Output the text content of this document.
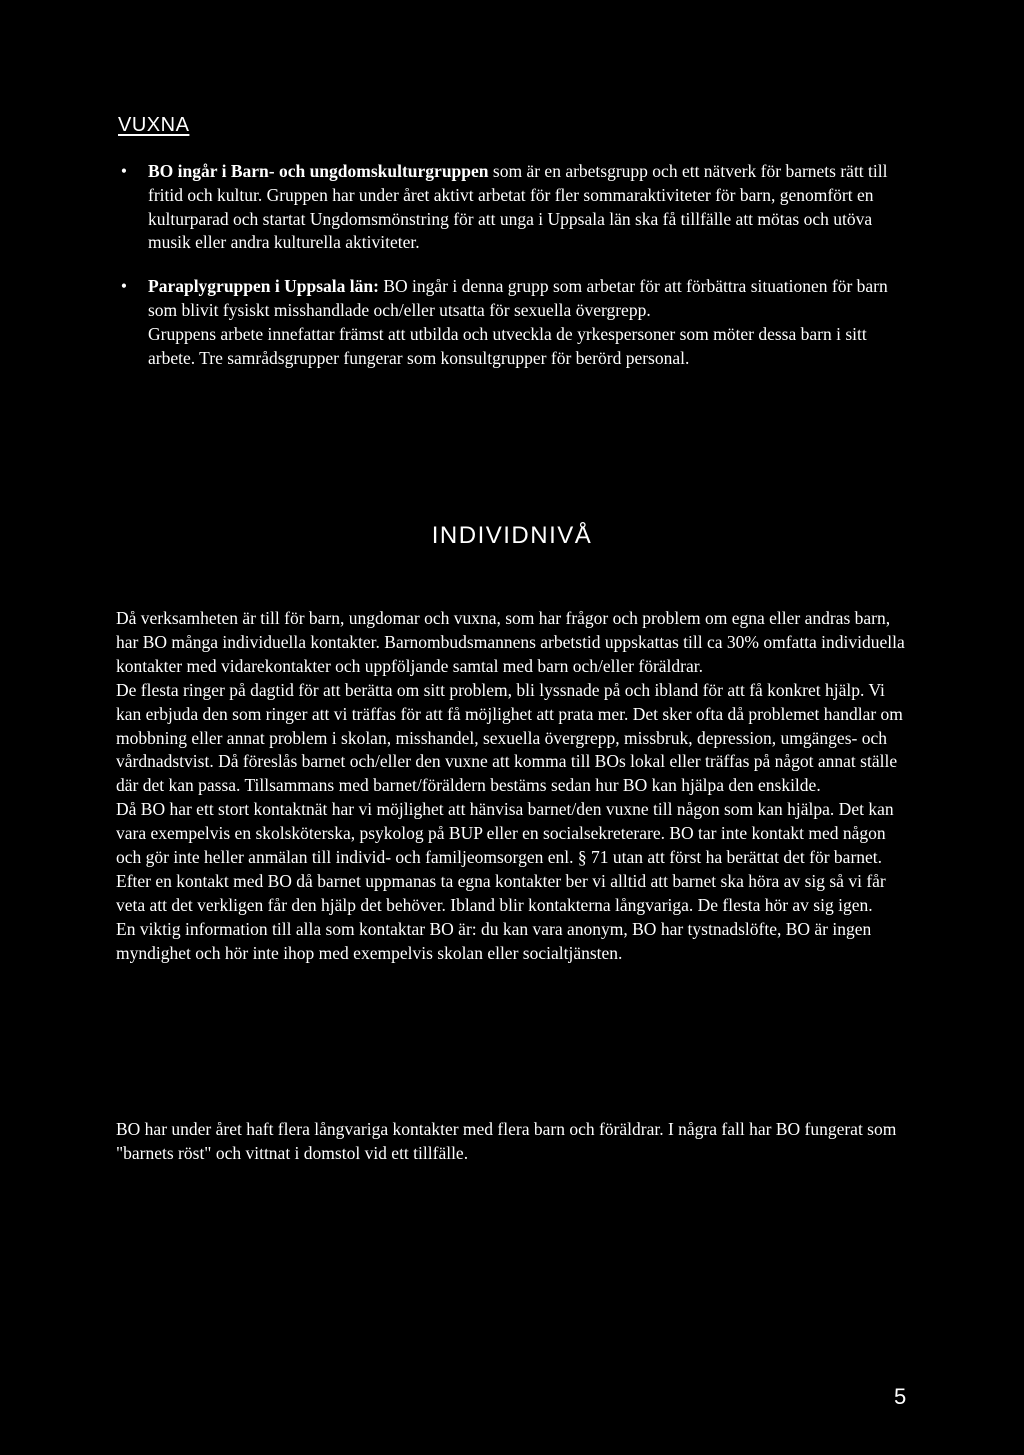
VUXNA
• BO ingår i Barn- och ungdomskulturgruppen som är en arbetsgrupp och ett nätverk för barnets rätt till fritid och kultur. Gruppen har under året aktivt arbetat för fler sommaraktiviteter för barn, genomfört en kulturparad och startat Ungdomsmönstring för att unga i Uppsala län ska få tillfälle att mötas och utöva musik eller andra kulturella aktiviteter.

• Paraplygruppen i Uppsala län: BO ingår i denna grupp som arbetar för att förbättra situationen för barn som blivit fysiskt misshandlade och/eller utsatta för sexuella övergrepp.

Gruppens arbete innefattar främst att utbilda och utveckla de yrkespersoner som möter dessa barn i sitt arbete. Tre samrådsgrupper fungerar som konsultgrupper för berörd personal.

INDIVIDNIVÅ

Då verksamheten är till för barn, ungdomar och vuxna, som har frågor och problem om egna eller andras barn, har BO många individuella kontakter. Barnombudsmannens arbetstid uppskattas till ca 30% omfatta individuella kontakter med vidarekontakter och uppföljande samtal med barn och/eller föräldrar.

De flesta ringer på dagtid för att berätta om sitt problem, bli lyssnade på och ibland för att få konkret hjälp. Vi kan erbjuda den som ringer att vi träffas för att få möjlighet att prata mer. Det sker ofta då problemet handlar om mobbning eller annat problem i skolan, misshandel, sexuella övergrepp, missbruk, depression, umgänges- och vårdnadstvist. Då föreslås barnet och/eller den vuxne att komma till BOs lokal eller träffas på något annat ställe där det kan passa. Tillsammans med barnet/föräldern bestäms sedan hur BO kan hjälpa den enskilde.

Då BO har ett stort kontaktnät har vi möjlighet att hänvisa barnet/den vuxne till någon som kan hjälpa. Det kan vara exempelvis en skolsköterska, psykolog på BUP eller en socialsekreterare. BO tar inte kontakt med någon och gör inte heller anmälan till individ- och familjeomsorgen enl. § 71 utan att först ha berättat det för barnet.

Efter en kontakt med BO då barnet uppmanas ta egna kontakter ber vi alltid att barnet ska höra av sig så vi får veta att det verkligen får den hjälp det behöver. Ibland blir kontakterna långvariga. De flesta hör av sig igen.

En viktig information till alla som kontaktar BO är: du kan vara anonym, BO har tystnadslöfte, BO är ingen myndighet och hör inte ihop med exempelvis skolan eller socialtjänsten.

BO har under året haft flera långvariga kontakter med flera barn och föräldrar. I några fall har BO fungerat som "barnets röst" och vittnat i domstol vid ett tillfälle.

5
